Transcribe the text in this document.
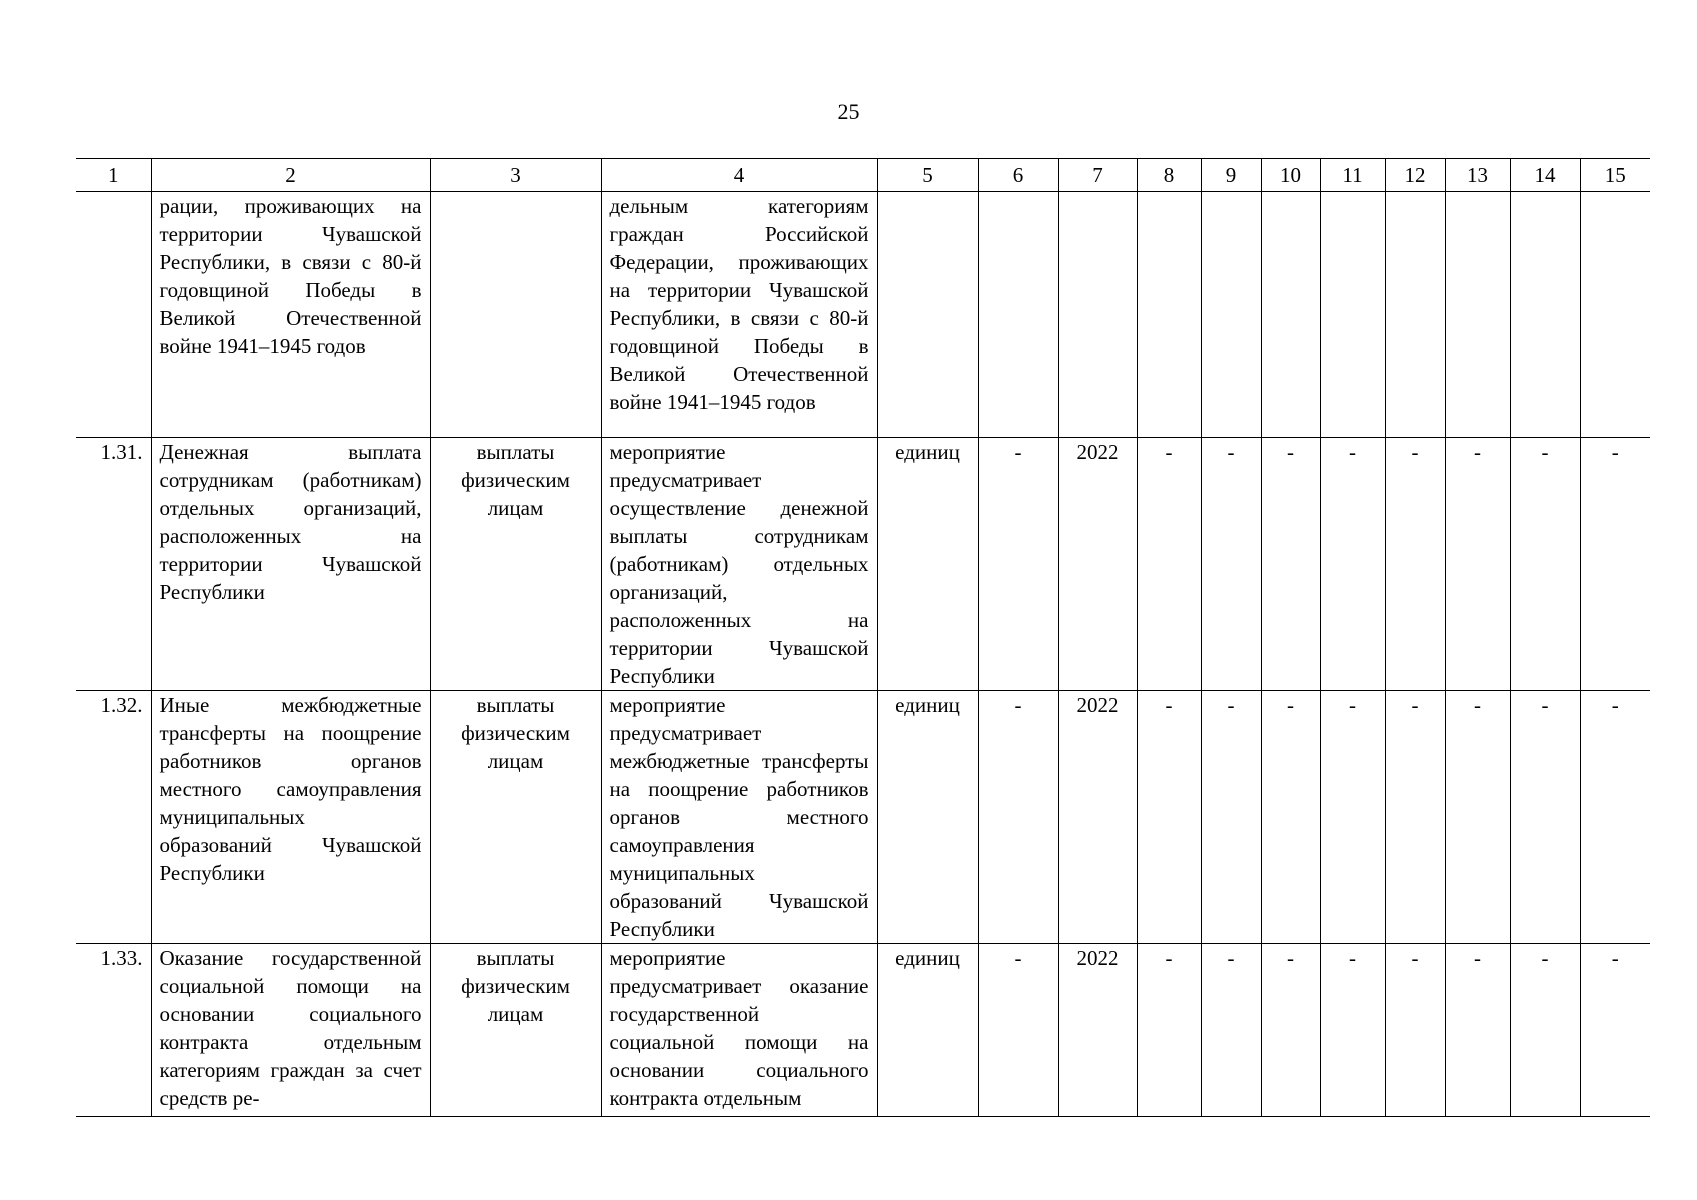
25
1	2	3	4	5	6	7	8	9	10	11	12	13	14	15
	рации, проживающих на территории Чувашской Республики, в связи с 80-й годовщиной Победы в Великой Отечественной войне 1941–1945 годов		дельным категориям граждан Российской Федерации, проживающих на территории Чувашской Республики, в связи с 80-й годовщиной Победы в Великой Отечественной войне 1941–1945 годов											
1.31.	Денежная выплата сотрудникам (работникам) отдельных организаций, расположенных на территории Чувашской Республики	выплаты физическим лицам	мероприятие предусматривает осуществление денежной выплаты сотрудникам (работникам) отдельных организаций, расположенных на территории Чувашской Республики	единиц	-	2022	-	-	-	-	-	-	-	-
1.32.	Иные межбюджетные трансферты на поощрение работников органов местного самоуправления муниципальных образований Чувашской Республики	выплаты физическим лицам	мероприятие предусматривает межбюджетные трансферты на поощрение работников органов местного самоуправления муниципальных образований Чувашской Республики	единиц	-	2022	-	-	-	-	-	-	-	-
1.33.	Оказание государственной социальной помощи на основании социального контракта отдельным категориям граждан за счет средств ре-	выплаты физическим лицам	мероприятие предусматривает оказание государственной социальной помощи на основании социального контракта отдельным	единиц	-	2022	-	-	-	-	-	-	-	-
